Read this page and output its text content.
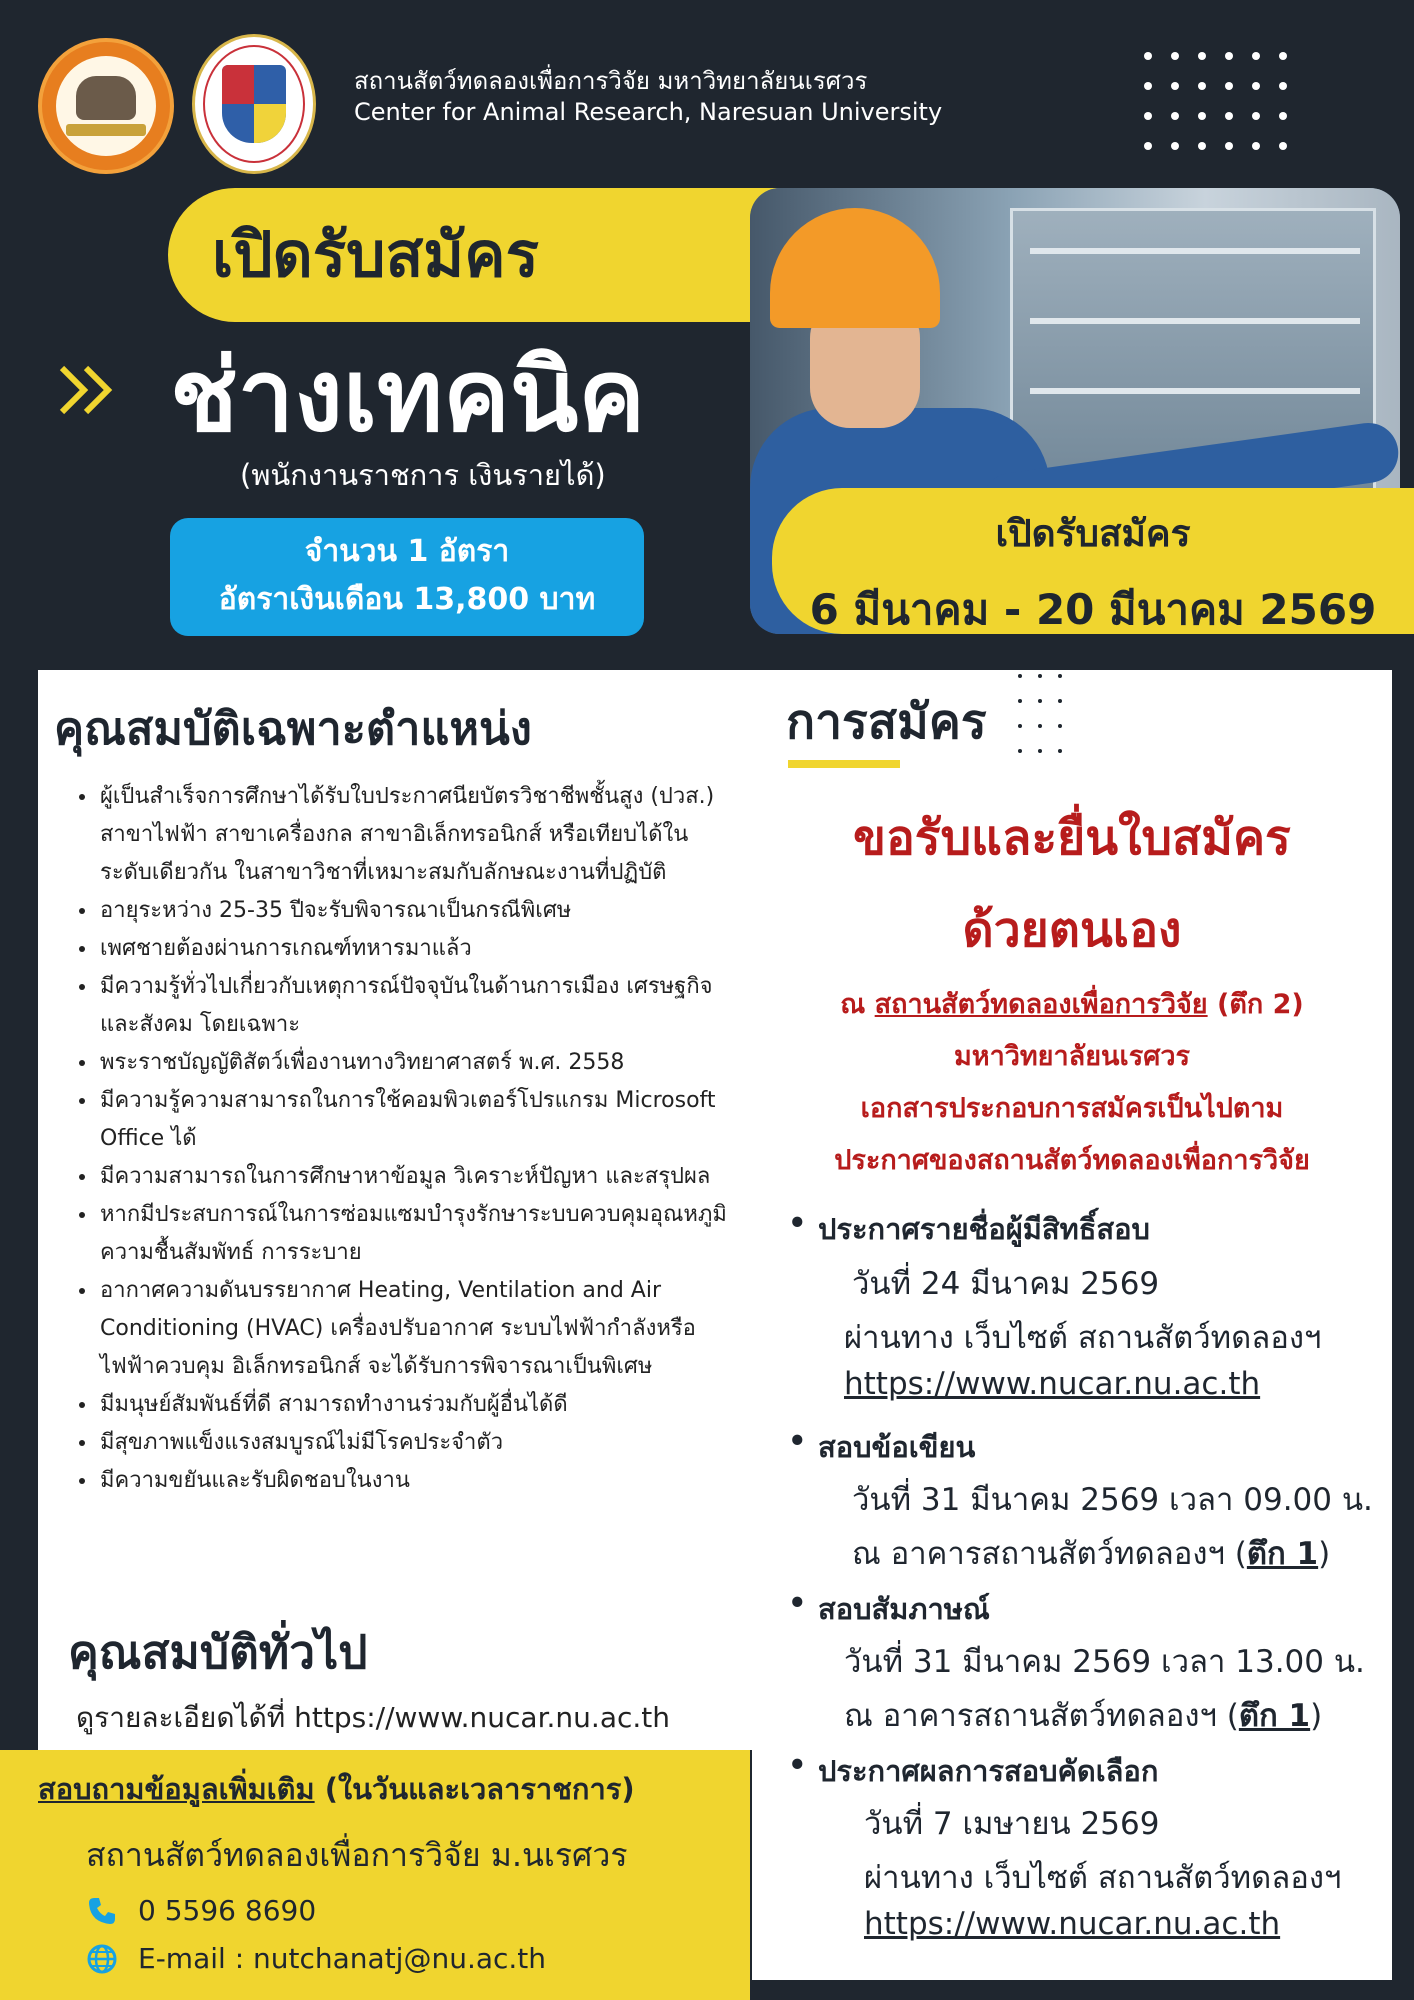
สถานสัตว์ทดลองเพื่อการวิจัย มหาวิทยาลัยนเรศวร
Center for Animal Research, Naresuan University
เปิดรับสมัคร
ช่างเทคนิค
(พนักงานราชการ เงินรายได้)
จำนวน 1 อัตรา
อัตราเงินเดือน 13,800 บาท
เปิดรับสมัคร
6 มีนาคม - 20 มีนาคม 2569
คุณสมบัติเฉพาะตำแหน่ง
• ผู้เป็นสำเร็จการศึกษาได้รับใบประกาศนียบัตรวิชาชีพชั้นสูง (ปวส.) สาขาไฟฟ้า สาขาเครื่องกล สาขาอิเล็กทรอนิกส์ หรือเทียบได้ในระดับเดียวกัน ในสาขาวิชาที่เหมาะสมกับลักษณะงานที่ปฏิบัติ
• อายุระหว่าง 25-35 ปีจะรับพิจารณาเป็นกรณีพิเศษ
• เพศชายต้องผ่านการเกณฑ์ทหารมาแล้ว
• มีความรู้ทั่วไปเกี่ยวกับเหตุการณ์ปัจจุบันในด้านการเมือง เศรษฐกิจ และสังคม โดยเฉพาะ
• พระราชบัญญัติสัตว์เพื่องานทางวิทยาศาสตร์ พ.ศ. 2558
• มีความรู้ความสามารถในการใช้คอมพิวเตอร์โปรแกรม Microsoft Office ได้
• มีความสามารถในการศึกษาหาข้อมูล วิเคราะห์ปัญหา และสรุปผล
• หากมีประสบการณ์ในการซ่อมแซมบำรุงรักษาระบบควบคุมอุณหภูมิ ความชื้นสัมพัทธ์ การระบาย
• อากาศความดันบรรยากาศ Heating, Ventilation and Air Conditioning (HVAC) เครื่องปรับอากาศ ระบบไฟฟ้ากำลังหรือไฟฟ้าควบคุม อิเล็กทรอนิกส์ จะได้รับการพิจารณาเป็นพิเศษ
• มีมนุษย์สัมพันธ์ที่ดี สามารถทำงานร่วมกับผู้อื่นได้ดี
• มีสุขภาพแข็งแรงสมบูรณ์ไม่มีโรคประจำตัว
• มีความขยันและรับผิดชอบในงาน
คุณสมบัติทั่วไป
ดูรายละเอียดได้ที่ https://www.nucar.nu.ac.th
สอบถามข้อมูลเพิ่มเติม (ในวันและเวลาราชการ)
สถานสัตว์ทดลองเพื่อการวิจัย ม.นเรศวร
0 5596 8690
E-mail : nutchanatj@nu.ac.th
การสมัคร
ขอรับและยื่นใบสมัคร
ด้วยตนเอง
ณ สถานสัตว์ทดลองเพื่อการวิจัย (ตึก 2)
มหาวิทยาลัยนเรศวร
เอกสารประกอบการสมัครเป็นไปตาม
ประกาศของสถานสัตว์ทดลองเพื่อการวิจัย
• ประกาศรายชื่อผู้มีสิทธิ์สอบ
วันที่ 24 มีนาคม 2569
ผ่านทาง เว็บไซต์ สถานสัตว์ทดลองฯ
https://www.nucar.nu.ac.th
• สอบข้อเขียน
วันที่ 31 มีนาคม 2569 เวลา 09.00 น.
ณ อาคารสถานสัตว์ทดลองฯ (ตึก 1)
• สอบสัมภาษณ์
วันที่ 31 มีนาคม 2569 เวลา 13.00 น.
ณ อาคารสถานสัตว์ทดลองฯ (ตึก 1)
• ประกาศผลการสอบคัดเลือก
วันที่ 7 เมษายน 2569
ผ่านทาง เว็บไซต์ สถานสัตว์ทดลองฯ
https://www.nucar.nu.ac.th
